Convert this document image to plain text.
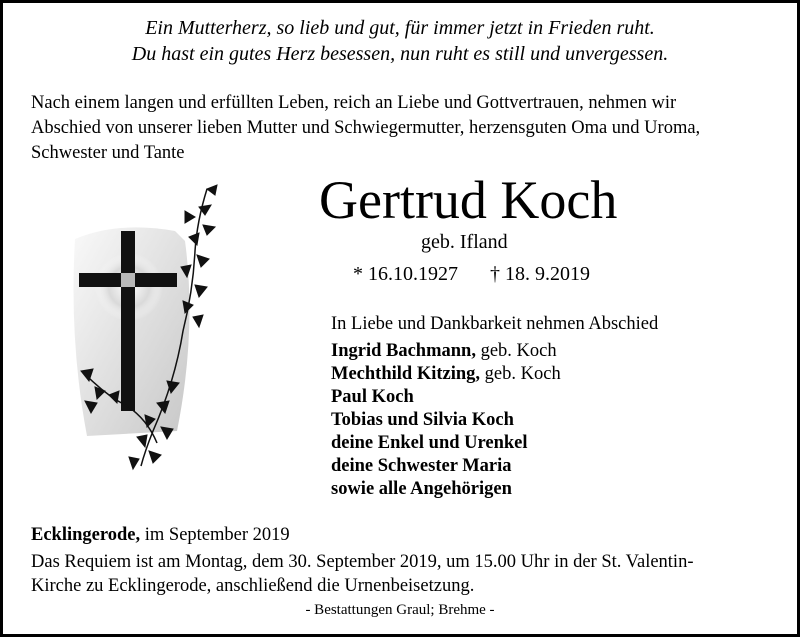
Ein Mutterherz, so lieb und gut, für immer jetzt in Frieden ruht.
Du hast ein gutes Herz besessen, nun ruht es still und unvergessen.
Nach einem langen und erfüllten Leben, reich an Liebe und Gottvertrauen, nehmen wir
Abschied von unserer lieben Mutter und Schwiegermutter, herzensguten Oma und Uroma,
Schwester und Tante
Gertrud Koch
geb. Ifland
* 16.10.1927 † 18. 9.2019
In Liebe und Dankbarkeit nehmen Abschied
Ingrid Bachmann, geb. Koch
Mechthild Kitzing, geb. Koch
Paul Koch
Tobias und Silvia Koch
deine Enkel und Urenkel
deine Schwester Maria
sowie alle Angehörigen
Ecklingerode, im September 2019
Das Requiem ist am Montag, dem 30. September 2019, um 15.00 Uhr in der St. Valentin-
Kirche zu Ecklingerode, anschließend die Urnenbeisetzung.
- Bestattungen Graul; Brehme -
